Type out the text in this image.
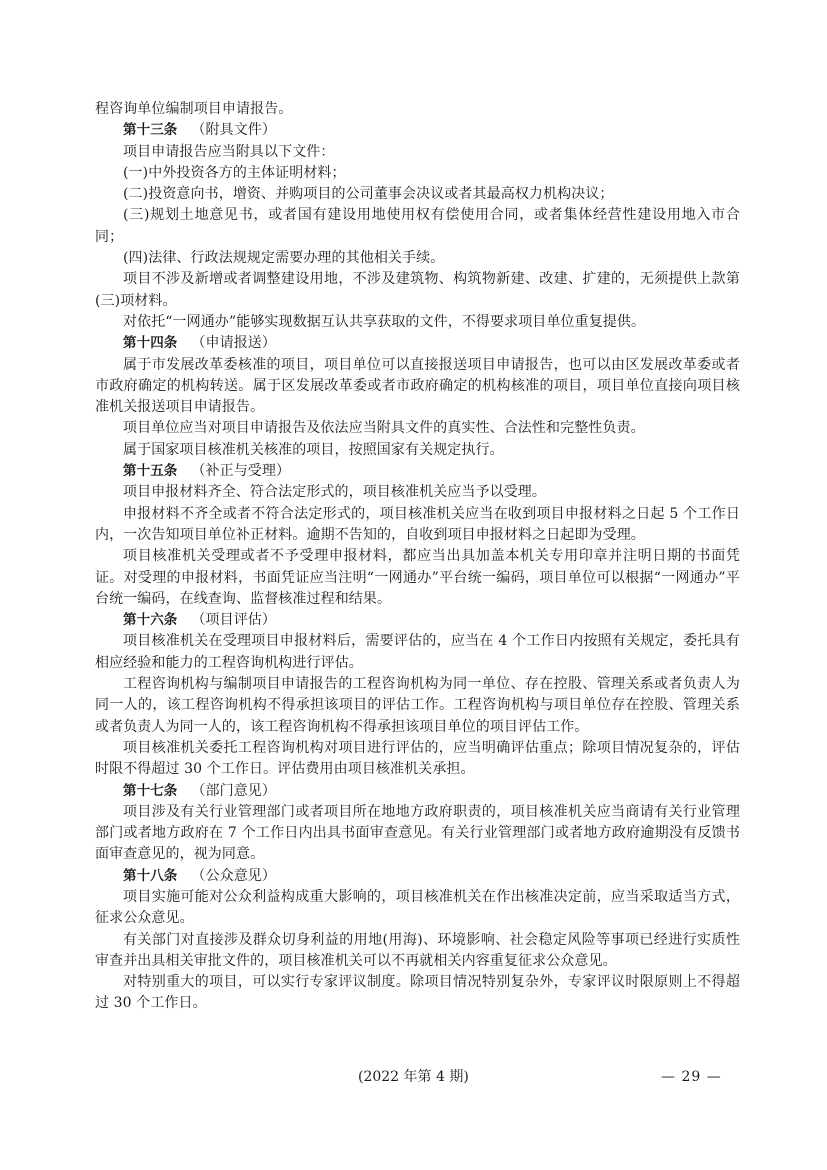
程咨询单位编制项目申请报告。

第十三条 （附具文件）

项目申请报告应当附具以下文件：

(一)中外投资各方的主体证明材料；

(二)投资意向书，增资、并购项目的公司董事会决议或者其最高权力机构决议；

(三)规划土地意见书，或者国有建设用地使用权有偿使用合同，或者集体经营性建设用地入市合同；

(四)法律、行政法规规定需要办理的其他相关手续。

项目不涉及新增或者调整建设用地，不涉及建筑物、构筑物新建、改建、扩建的，无须提供上款第(三)项材料。

对依托“一网通办”能够实现数据互认共享获取的文件，不得要求项目单位重复提供。

第十四条 （申请报送）

属于市发展改革委核准的项目，项目单位可以直接报送项目申请报告，也可以由区发展改革委或者市政府确定的机构转送。属于区发展改革委或者市政府确定的机构核准的项目，项目单位直接向项目核准机关报送项目申请报告。

项目单位应当对项目申请报告及依法应当附具文件的真实性、合法性和完整性负责。

属于国家项目核准机关核准的项目，按照国家有关规定执行。

第十五条 （补正与受理）

项目申报材料齐全、符合法定形式的，项目核准机关应当予以受理。

申报材料不齐全或者不符合法定形式的，项目核准机关应当在收到项目申报材料之日起 5 个工作日内，一次告知项目单位补正材料。逾期不告知的，自收到项目申报材料之日起即为受理。

项目核准机关受理或者不予受理申报材料，都应当出具加盖本机关专用印章并注明日期的书面凭证。对受理的申报材料，书面凭证应当注明“一网通办”平台统一编码，项目单位可以根据“一网通办”平台统一编码，在线查询、监督核准过程和结果。

第十六条 （项目评估）

项目核准机关在受理项目申报材料后，需要评估的，应当在 4 个工作日内按照有关规定，委托具有相应经验和能力的工程咨询机构进行评估。

工程咨询机构与编制项目申请报告的工程咨询机构为同一单位、存在控股、管理关系或者负责人为同一人的，该工程咨询机构不得承担该项目的评估工作。工程咨询机构与项目单位存在控股、管理关系或者负责人为同一人的，该工程咨询机构不得承担该项目单位的项目评估工作。

项目核准机关委托工程咨询机构对项目进行评估的，应当明确评估重点；除项目情况复杂的，评估时限不得超过 30 个工作日。评估费用由项目核准机关承担。

第十七条 （部门意见）

项目涉及有关行业管理部门或者项目所在地地方政府职责的，项目核准机关应当商请有关行业管理部门或者地方政府在 7 个工作日内出具书面审查意见。有关行业管理部门或者地方政府逾期没有反馈书面审查意见的，视为同意。

第十八条 （公众意见）

项目实施可能对公众利益构成重大影响的，项目核准机关在作出核准决定前，应当采取适当方式，征求公众意见。

有关部门对直接涉及群众切身利益的用地(用海)、环境影响、社会稳定风险等事项已经进行实质性审查并出具相关审批文件的，项目核准机关可以不再就相关内容重复征求公众意见。

对特别重大的项目，可以实行专家评议制度。除项目情况特别复杂外，专家评议时限原则上不得超过 30 个工作日。

(2022 年第 4 期)	— 29 —
